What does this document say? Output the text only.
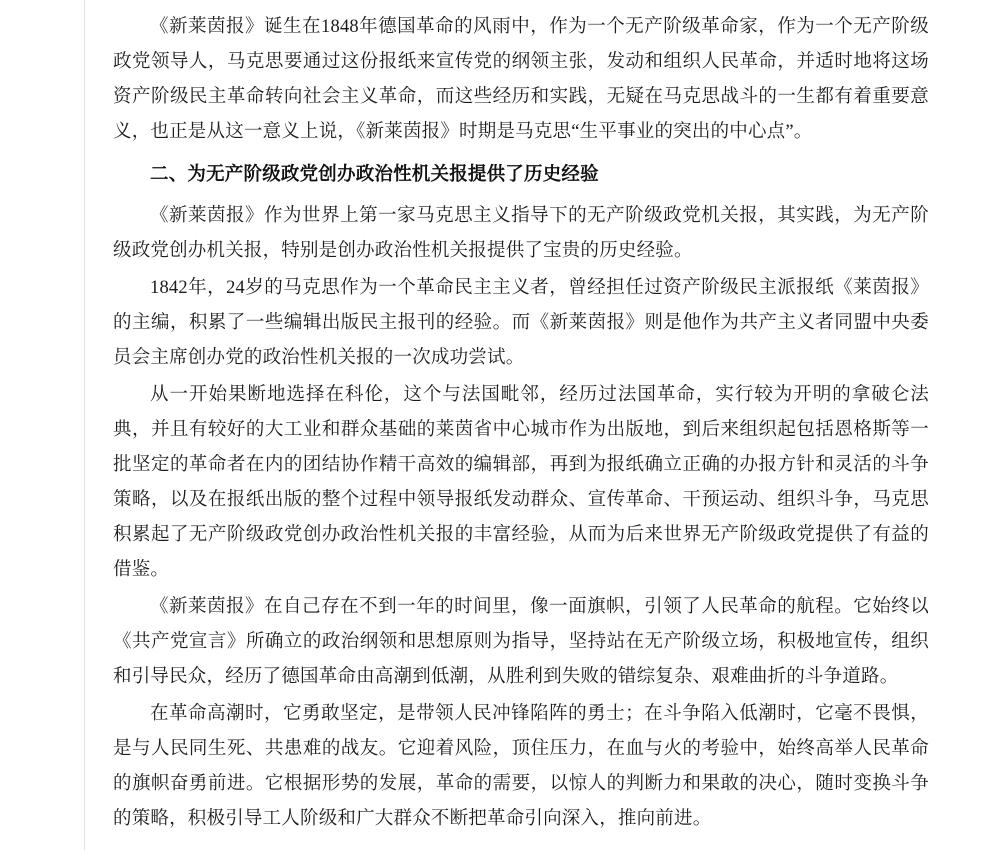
《新莱茵报》诞生在1848年德国革命的风雨中，作为一个无产阶级革命家，作为一个无产阶级政党领导人，马克思要通过这份报纸来宣传党的纲领主张，发动和组织人民革命，并适时地将这场资产阶级民主革命转向社会主义革命，而这些经历和实践，无疑在马克思战斗的一生都有着重要意义，也正是从这一意义上说，《新莱茵报》时期是马克思“生平事业的突出的中心点”。

二、为无产阶级政党创办政治性机关报提供了历史经验

《新莱茵报》作为世界上第一家马克思主义指导下的无产阶级政党机关报，其实践，为无产阶级政党创办机关报，特别是创办政治性机关报提供了宝贵的历史经验。

1842年，24岁的马克思作为一个革命民主主义者，曾经担任过资产阶级民主派报纸《莱茵报》的主编，积累了一些编辑出版民主报刊的经验。而《新莱茵报》则是他作为共产主义者同盟中央委员会主席创办党的政治性机关报的一次成功尝试。

从一开始果断地选择在科伦，这个与法国毗邻，经历过法国革命，实行较为开明的拿破仑法典，并且有较好的大工业和群众基础的莱茵省中心城市作为出版地，到后来组织起包括恩格斯等一批坚定的革命者在内的团结协作精干高效的编辑部，再到为报纸确立正确的办报方针和灵活的斗争策略，以及在报纸出版的整个过程中领导报纸发动群众、宣传革命、干预运动、组织斗争，马克思积累起了无产阶级政党创办政治性机关报的丰富经验，从而为后来世界无产阶级政党提供了有益的借鉴。

《新莱茵报》在自己存在不到一年的时间里，像一面旗帜，引领了人民革命的航程。它始终以《共产党宣言》所确立的政治纲领和思想原则为指导，坚持站在无产阶级立场，积极地宣传，组织和引导民众，经历了德国革命由高潮到低潮，从胜利到失败的错综复杂、艰难曲折的斗争道路。

在革命高潮时，它勇敢坚定，是带领人民冲锋陷阵的勇士；在斗争陷入低潮时，它毫不畏惧，是与人民同生死、共患难的战友。它迎着风险，顶住压力，在血与火的考验中，始终高举人民革命的旗帜奋勇前进。它根据形势的发展，革命的需要，以惊人的判断力和果敢的决心，随时变换斗争的策略，积极引导工人阶级和广大群众不断把革命引向深入，推向前进。
